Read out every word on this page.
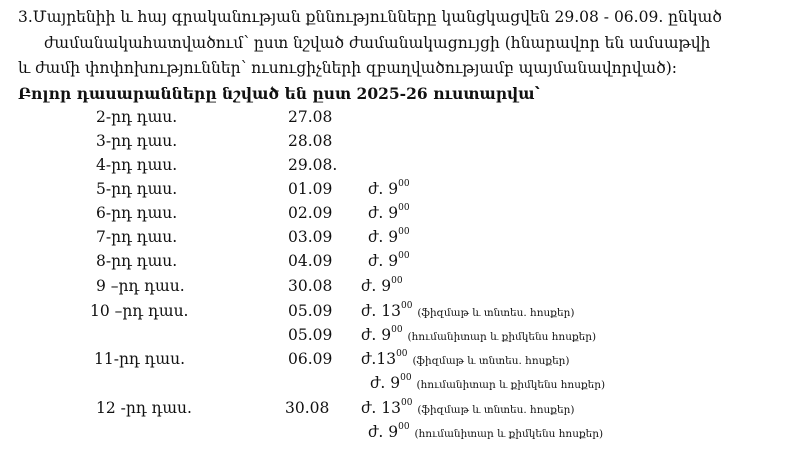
3.Մայրենիի և հայ գրականության քննությունները կանցկացվեն 29.08 - 06.09. ընկած
ժամանակահատվածում՝ ըստ նշված ժամանակացույցի (հնարավոր են ամսաթվի
և ժամի փոփոխություններ՝ ուսուցիչների զբաղվածությամբ պայմանավորված):
Բոլոր դասարանները նշված են ըստ 2025-26 ուստարվա՝
2-րդ դաս.	27.08
3-րդ դաս.	28.08
4-րդ դաս.	29.08.
5-րդ դաս.	01.09 ժ. $9^{00}$
6-րդ դաս.	02.09 ժ. $9^{00}$
7-րդ դաս.	03.09 ժ. $9^{00}$
8-րդ դաս.	04.09 ժ. $9^{00}$
9 –րդ դաս.	30.08 ժ. $9^{00}$
10 –րդ դաս.	05.09 ժ. $13^{00}$ (ֆիզմաթ և տնտես. հոսքեր)
05.09 ժ. $9^{00}$ (հումանիտար և քիմկենս հոսքեր)
11-րդ դաս.	06.09 $ժ.13^{00}$ (ֆիզմաթ և տնտես. հոսքեր)
ժ. $9^{00}$ (հումանիտար և քիմկենս հոսքեր)
12 -րդ դաս.	30.08 ժ. $13^{00}$ (ֆիզմաթ և տնտես. հոսքեր)
ժ. $9^{00}$ (հումանիտար և քիմկենս հոսքեր)
